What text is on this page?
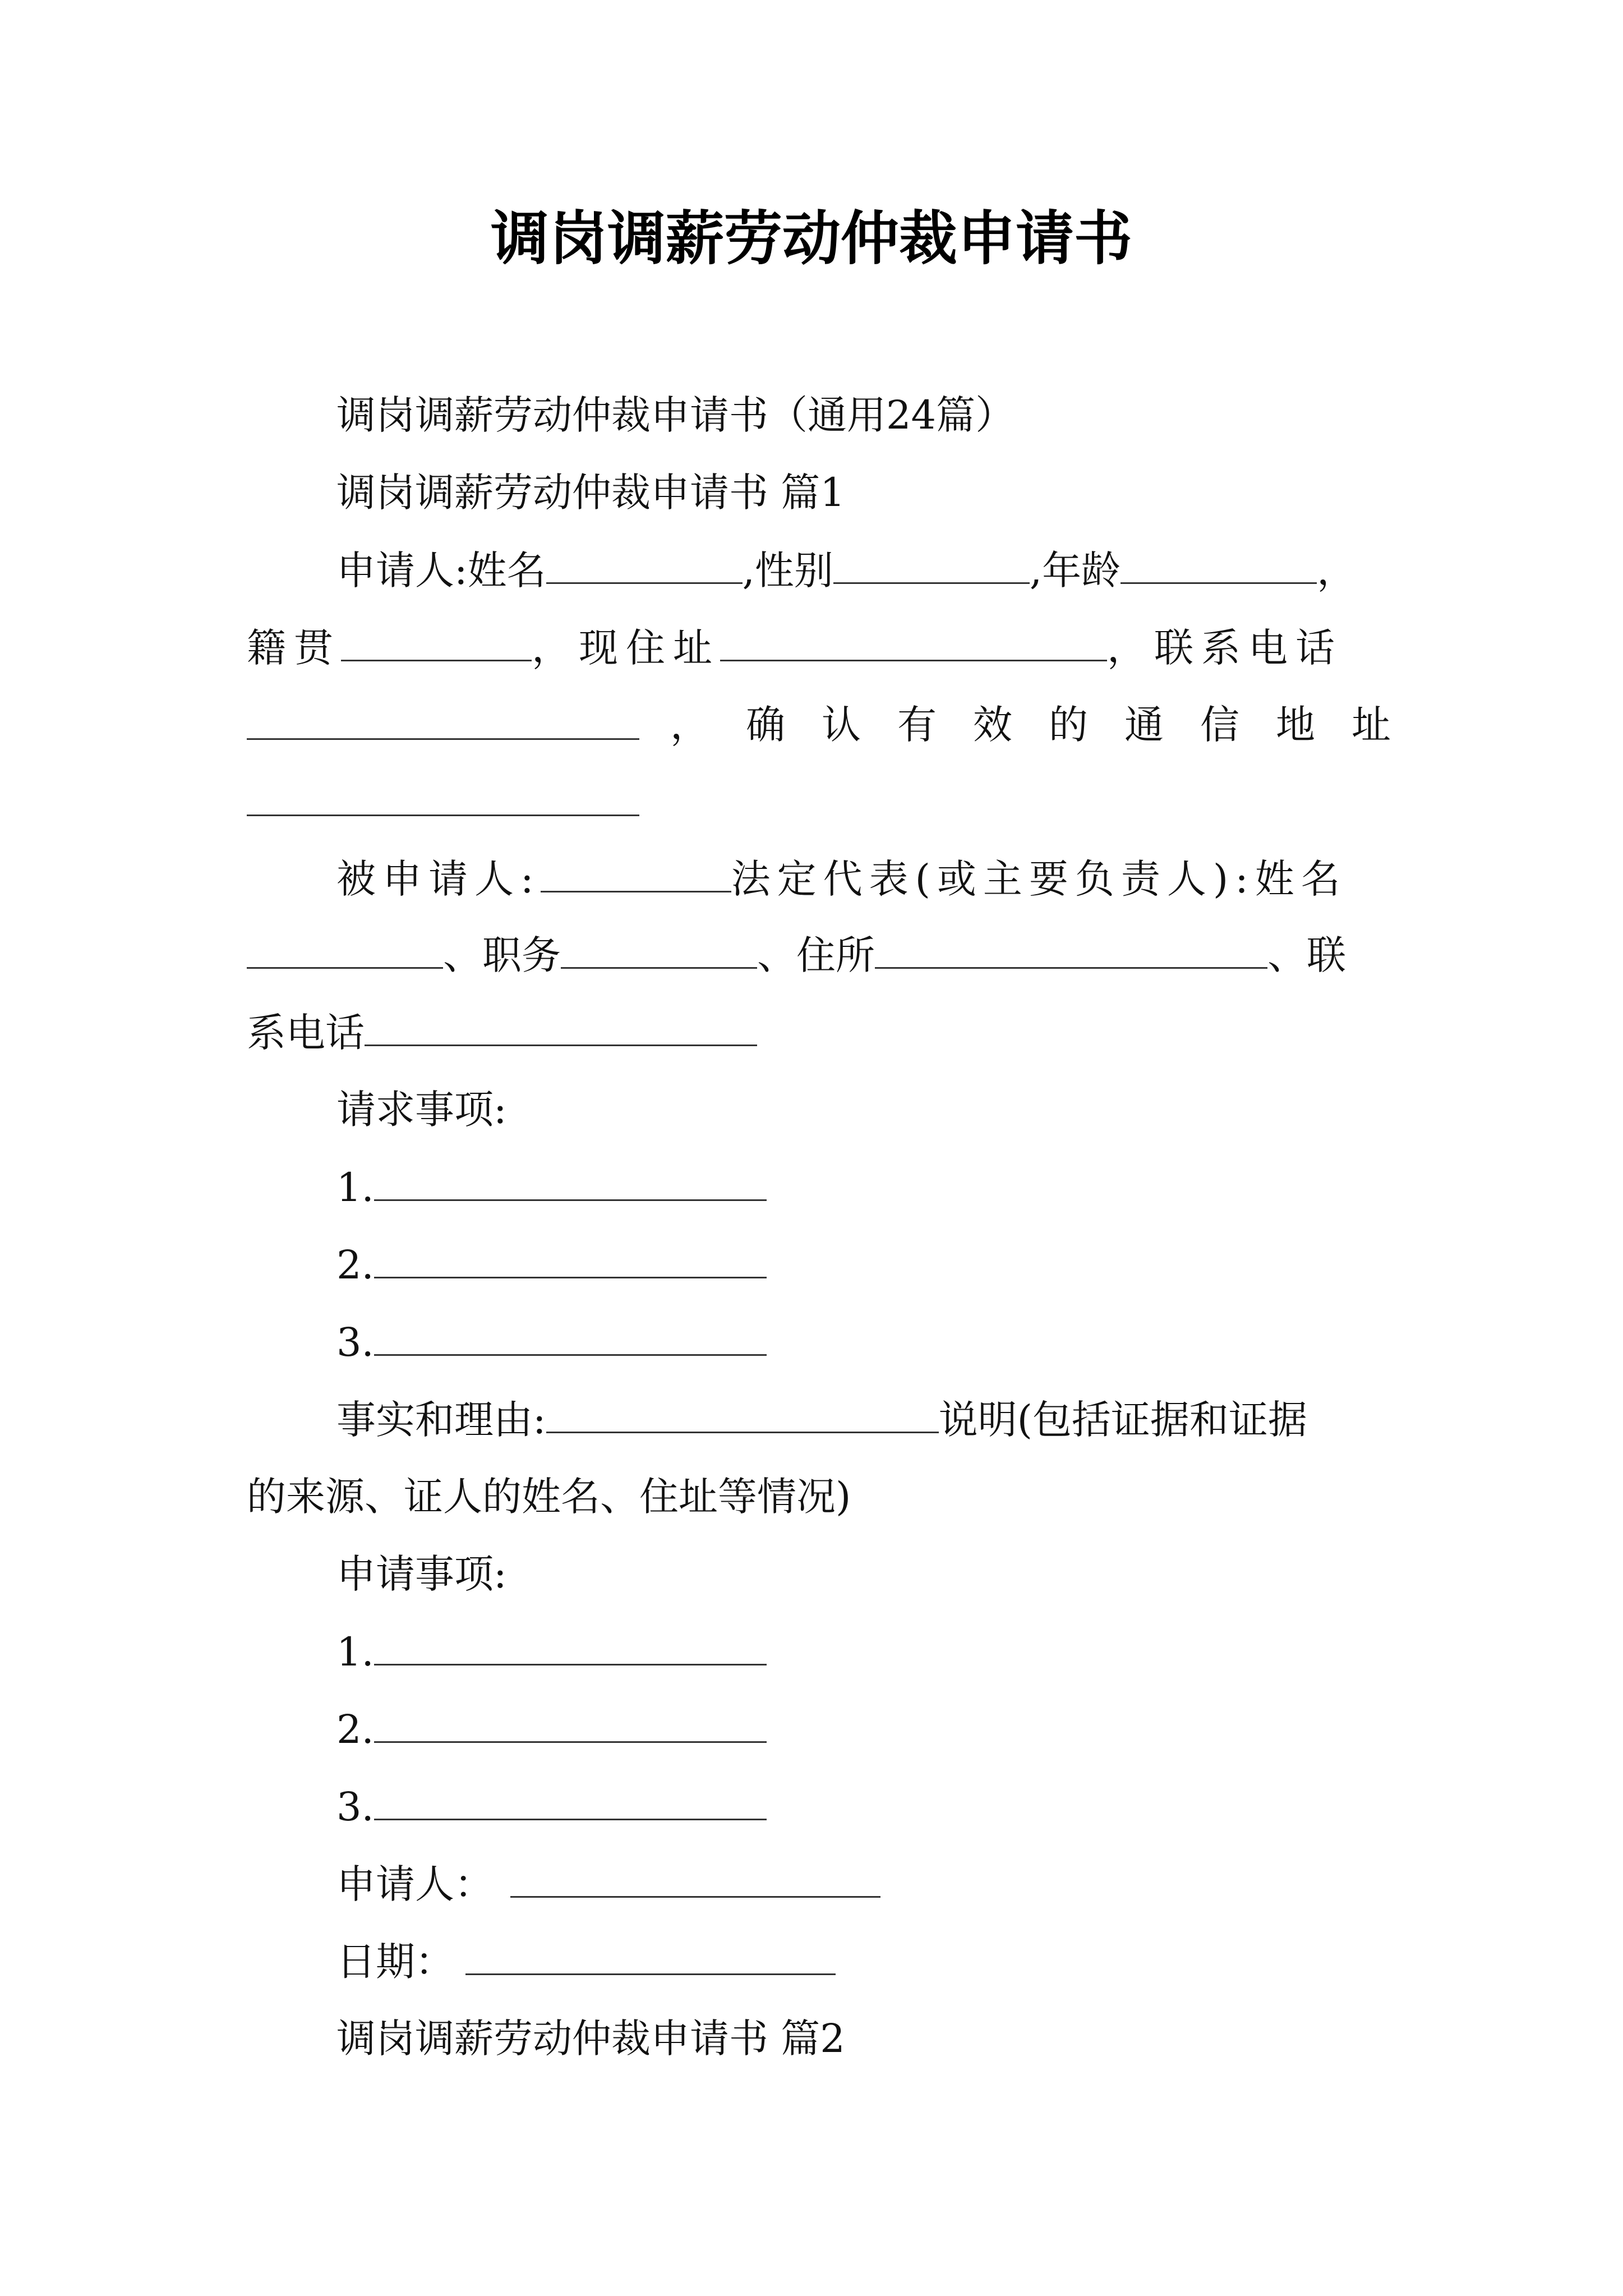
调岗调薪劳动仲裁申请书
调岗调薪劳动仲裁申请书（通用24篇）
调岗调薪劳动仲裁申请书 篇1
申请人:姓名	,性别	,年龄	，
籍贯	，现住址	，联系电话
， 确 认 有 效 的 通 信 地 址
被申请人:	法定代表(或主要负责人):姓名
、职务	、住所	、联
系电话
请求事项:
1.
2.
3.
事实和理由:	说明(包括证据和证据
的来源、证人的姓名、住址等情况)
申请事项:
1.
2.
3.
申请人：
日期：
调岗调薪劳动仲裁申请书 篇2
